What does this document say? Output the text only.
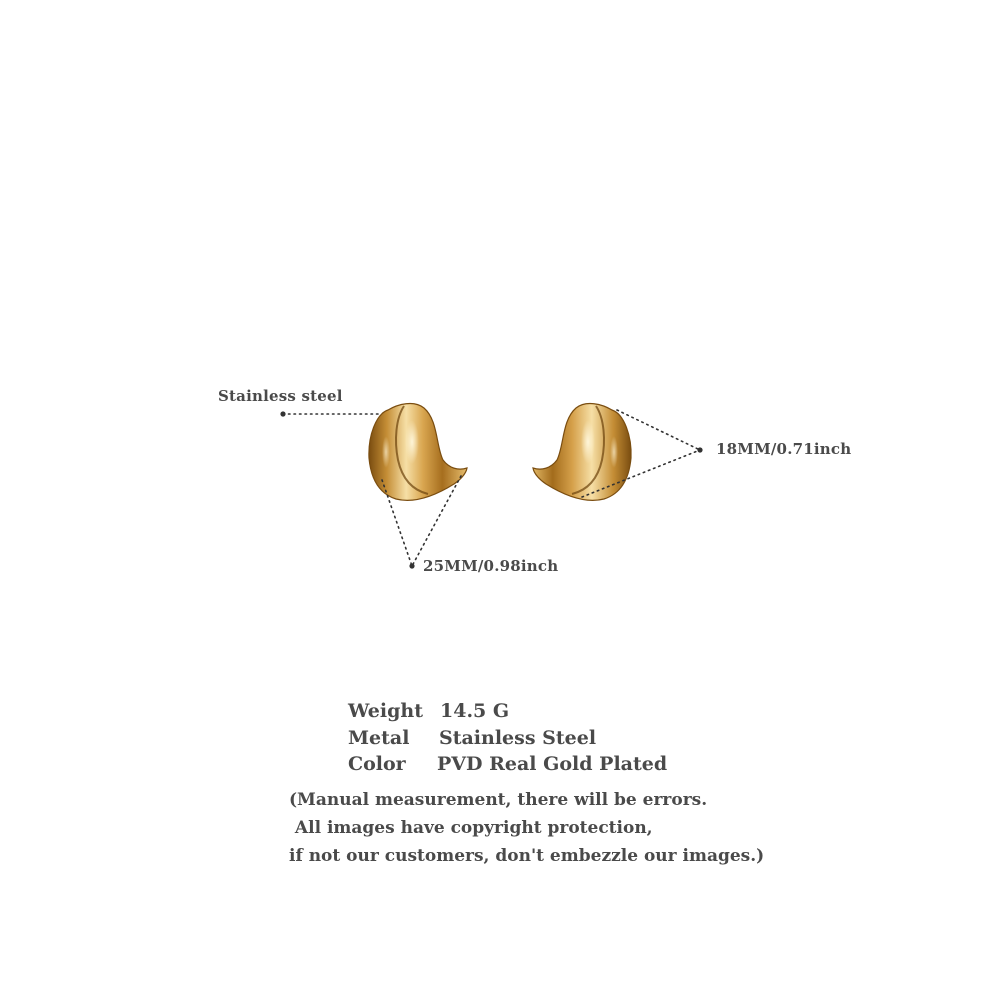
Stainless steel
18MM/0.71inch
25MM/0.98inch
Weight 14.5 G
Metal Stainless Steel
Color PVD Real Gold Plated
(Manual measurement, there will be errors.
All images have copyright protection,
if not our customers, don't embezzle our images.)
